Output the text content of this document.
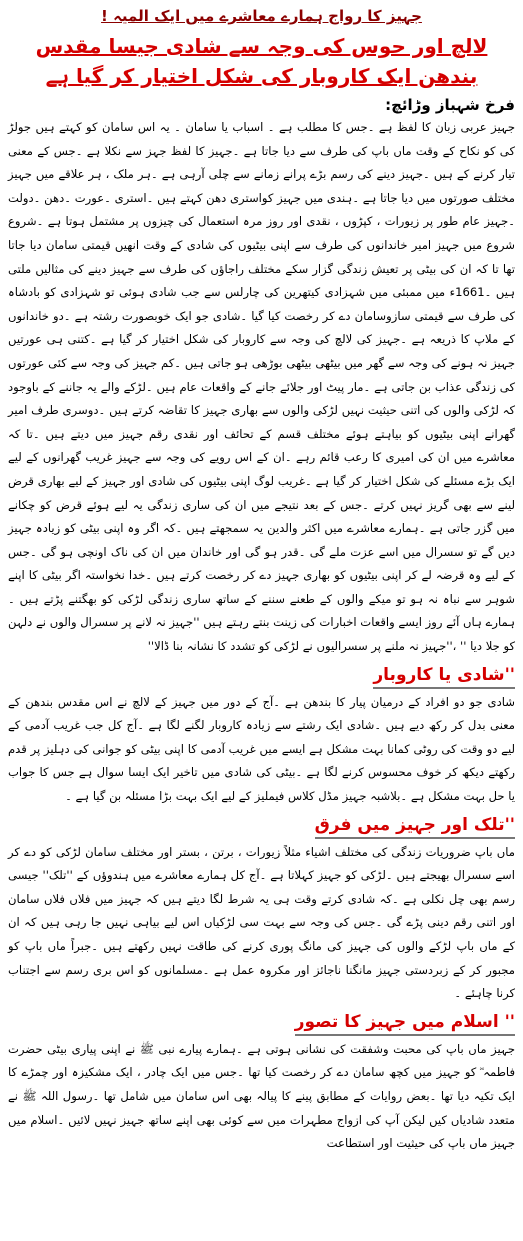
جہیز کا رواج ہمارے معاشرے میں ایک المیہ !
لالچ اور حوس کی وجہ سے شادی جیسا مقدس
بندھن ایک کاروبار کی شکل اختیار کر گیا ہے
فرخ شہباز وڑائچ:

جہیز عربی زبان کا لفظ ہے ۔جس کا مطلب ہے ۔ اسباب یا سامان ۔ یہ اس سامان کو کہتے ہیں جولڑ کی کو نکاح کے وقت ماں باپ کی طرف سے دیا جاتا ہے ۔جہیز کا لفظ جہز سے نکلا ہے ۔جس کے معنی تیار کرنے کے ہیں ۔جہیز دینے کی رسم بڑے پرانے زمانے سے چلی آرہی ہے ۔ہر ملک ، ہر علاقے میں جہیز مختلف صورتوں میں دیا جاتا ہے ۔ہندی میں جہیز کواستری دھن کہتے ہیں ۔استری ۔عورت ۔دھن ۔دولت ۔جہیز عام طور پر زیورات ، کپڑوں ، نقدی اور روز مرہ استعمال کی چیزوں پر مشتمل ہوتا ہے ۔شروع شروع میں جہیز امیر خاندانوں کی طرف سے اپنی بیٹیوں کی شادی کے وقت انھیں قیمتی سامان دیا جاتا تھا تا کہ ان کی بیٹی پر تعیش زندگی گزار سکے مختلف راجاؤں کی طرف سے جہیز دینے کی مثالیں ملتی ہیں ۔1661ء میں ممبئی میں شہزادی کیتھرین کی چارلس سے جب شادی ہوئی تو شہزادی کو بادشاہ کی طرف سے قیمتی سازوسامان دے کر رخصت کیا گیا ۔شادی جو ایک خوبصورت رشتہ ہے ۔دو خاندانوں کے ملاپ کا ذریعہ ہے ۔جہیز کی لالچ کی وجہ سے کاروبار کی شکل اختیار کر گیا ہے ۔کتنی ہی عورتیں جہیز نہ ہونے کی وجہ سے گھر میں بیٹھی بیٹھی بوڑھی ہو جاتی ہیں ۔کم جہیز کی وجہ سے کئی عورتوں کی زندگی عذاب بن جاتی ہے ۔مار پیٹ اور جلائے جانے کے واقعات عام ہیں ۔لڑکے والے یہ جاننے کے باوجود کہ لڑکی والوں کی اتنی حیثیت نہیں لڑکی والوں سے بھاری جہیز کا تقاضہ کرتے ہیں ۔دوسری طرف امیر گھرانے اپنی بیٹیوں کو بیاہتے ہوئے مختلف قسم کے تحائف اور نقدی رقم جہیز میں دیتے ہیں ۔تا کہ معاشرے میں ان کی امیری کا رعب قائم رہے ۔ان کے اس رویے کی وجہ سے جہیز غریب گھرانوں کے لیے ایک بڑے مسئلے کی شکل اختیار کر گیا ہے ۔غریب لوگ اپنی بیٹیوں کی شادی اور جہیز کے لیے بھاری قرض لینے سے بھی گریز نہیں کرتے ۔جس کے بعد نتیجے میں ان کی ساری زندگی یہ لیے ہوئے قرض کو چکانے میں گزر جاتی ہے ۔ہمارے معاشرے میں اکثر والدین یہ سمجھتے ہیں ۔کہ اگر وہ اپنی بیٹی کو زیادہ جہیز دیں گے تو سسرال میں اسے عزت ملے گی ۔قدر ہو گی اور خاندان میں ان کی ناک اونچی ہو گی ۔جس کے لیے وہ قرضہ لے کر اپنی بیٹیوں کو بھاری جہیز دے کر رخصت کرتے ہیں ۔خدا نخواستہ اگر بیٹی کا اپنے شوہر سے نباہ نہ ہو تو میکے والوں کے طعنے سننے کے ساتھ ساری زندگی لڑکی کو بھگتنے پڑتے ہیں ۔ہمارے ہاں آئے روز ایسے واقعات اخبارات کی زینت بنتے رہتے ہیں ''جہیز نہ لانے پر سسرال والوں نے دلہن کو جلا دیا '' ،''جہیز نہ ملنے پر سسرالیوں نے لڑکی کو تشدد کا نشانہ بنا ڈالا''

''شادی یا کاروبار

شادی جو دو افراد کے درمیان پیار کا بندھن ہے ۔آج کے دور میں جہیز کے لالچ نے اس مقدس بندھن کے معنی بدل کر رکھ دیے ہیں ۔شادی ایک رشتے سے زیادہ کاروبار لگنے لگا ہے ۔آج کل جب غریب آدمی کے لیے دو وقت کی روٹی کمانا بہت مشکل ہے ایسے میں غریب آدمی کا اپنی بیٹی کو جوانی کی دہلیز پر قدم رکھتے دیکھ کر خوف محسوس کرنے لگا ہے ۔بیٹی کی شادی میں تاخیر ایک ایسا سوال ہے جس کا جواب یا حل بہت مشکل ہے ۔بلاشبہ جہیز مڈل کلاس فیملیز کے لیے ایک بہت بڑا مسئلہ بن گیا ہے ۔

''تلک اور جہیز میں فرق

ماں باپ ضروریات زندگی کی مختلف اشیاء مثلاً زیورات ، برتن ، بستر اور مختلف سامان لڑکی کو دے کر اسے سسرال بھیجتے ہیں ۔لڑکی کو جہیز کہلاتا ہے ۔آج کل ہمارے معاشرے میں ہندوؤں کے ''تلک'' جیسی رسم بھی چل نکلی ہے ۔کہ شادی کرتے وقت ہی یہ شرط لگا دیتے ہیں کہ جہیز میں فلاں فلاں سامان اور اتنی رقم دینی پڑے گی ۔جس کی وجہ سے بہت سی لڑکیاں اس لیے بیاہی نہیں جا رہی ہیں کہ ان کے ماں باپ لڑکے والوں کی جہیز کی مانگ پوری کرنے کی طاقت نہیں رکھتے ہیں ۔جبراً ماں باپ کو مجبور کر کے زبردستی جہیز مانگنا ناجائز اور مکروہ عمل ہے ۔مسلمانوں کو اس بری رسم سے اجتناب کرنا چاہئے ۔

'' اسلام میں جہیز کا تصور

جہیز ماں باپ کی محبت وشفقت کی نشانی ہوتی ہے ۔ہمارے پیارے نبی ﷺ نے اپنی پیاری بیٹی حضرت فاطمہ ؓ کو جہیز میں کچھ سامان دے کر رخصت کیا تھا ۔جس میں ایک چادر ، ایک مشکیزہ اور چمڑے کا ایک تکیہ دیا تھا ۔بعض روایات کے مطابق پینے کا پیالہ بھی اس سامان میں شامل تھا ۔رسول اللہ ﷺ نے متعدد شادیاں کیں لیکن آپ کی ازواج مطہرات میں سے کوئی بھی اپنے ساتھ جہیز نہیں لائیں ۔اسلام میں جہیز ماں باپ کی حیثیت اور استطاعت
